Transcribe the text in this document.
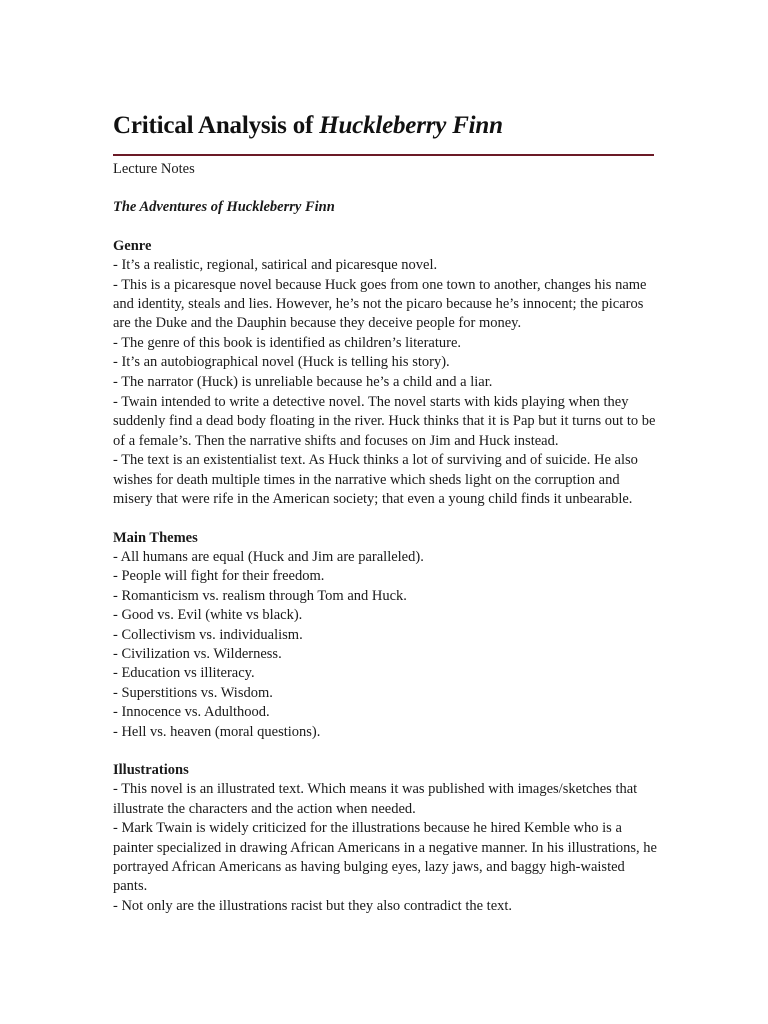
Critical Analysis of Huckleberry Finn
Lecture Notes
The Adventures of Huckleberry Finn
Genre

- It’s a realistic, regional, satirical and picaresque novel.

- This is a picaresque novel because Huck goes from one town to another, changes his name and identity, steals and lies. However, he’s not the picaro because he’s innocent; the picaros are the Duke and the Dauphin because they deceive people for money.

- The genre of this book is identified as children’s literature.

- It’s an autobiographical novel (Huck is telling his story).

- The narrator (Huck) is unreliable because he’s a child and a liar.

- Twain intended to write a detective novel. The novel starts with kids playing when they suddenly find a dead body floating in the river. Huck thinks that it is Pap but it turns out to be of a female’s. Then the narrative shifts and focuses on Jim and Huck instead.

- The text is an existentialist text. As Huck thinks a lot of surviving and of suicide. He also wishes for death multiple times in the narrative which sheds light on the corruption and misery that were rife in the American society; that even a young child finds it unbearable.

Main Themes

- All humans are equal (Huck and Jim are paralleled).

- People will fight for their freedom.

- Romanticism vs. realism through Tom and Huck.

- Good vs. Evil (white vs black).

- Collectivism vs. individualism.

- Civilization vs. Wilderness.

- Education vs illiteracy.

- Superstitions vs. Wisdom.

- Innocence vs. Adulthood.

- Hell vs. heaven (moral questions).

Illustrations

- This novel is an illustrated text. Which means it was published with images/sketches that illustrate the characters and the action when needed.

- Mark Twain is widely criticized for the illustrations because he hired Kemble who is a painter specialized in drawing African Americans in a negative manner. In his illustrations, he portrayed African Americans as having bulging eyes, lazy jaws, and baggy high-waisted pants.

- Not only are the illustrations racist but they also contradict the text.
